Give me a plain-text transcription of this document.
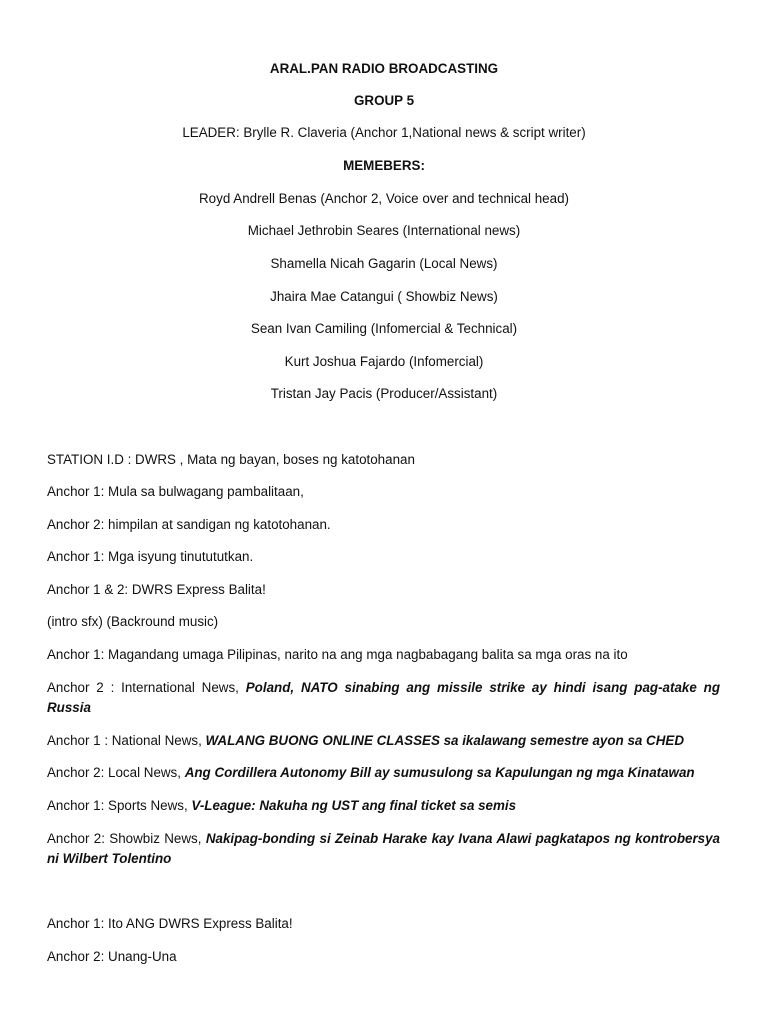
ARAL.PAN RADIO BROADCASTING
GROUP 5
LEADER: Brylle R. Claveria (Anchor 1,National news & script writer)
MEMEBERS:
Royd Andrell Benas (Anchor 2, Voice over and technical head)
Michael Jethrobin Seares (International news)
Shamella Nicah Gagarin (Local News)
Jhaira Mae Catangui ( Showbiz News)
Sean Ivan Camiling (Infomercial & Technical)
Kurt Joshua Fajardo (Infomercial)
Tristan Jay Pacis (Producer/Assistant)
STATION I.D : DWRS , Mata ng bayan, boses ng katotohanan
Anchor 1: Mula sa bulwagang pambalitaan,
Anchor 2: himpilan at sandigan ng katotohanan.
Anchor 1: Mga isyung tinutututkan.
Anchor 1 & 2: DWRS Express Balita!
(intro sfx) (Backround music)
Anchor 1: Magandang umaga Pilipinas, narito na ang mga nagbabagang balita sa mga oras na ito
Anchor 2 : International News, Poland, NATO sinabing ang missile strike ay hindi isang pag-atake ng Russia
Anchor 1 : National News, WALANG BUONG ONLINE CLASSES sa ikalawang semestre ayon sa CHED
Anchor 2: Local News, Ang Cordillera Autonomy Bill ay sumusulong sa Kapulungan ng mga Kinatawan
Anchor 1: Sports News, V-League: Nakuha ng UST ang final ticket sa semis
Anchor 2: Showbiz News, Nakipag-bonding si Zeinab Harake kay Ivana Alawi pagkatapos ng kontrobersya ni Wilbert Tolentino
Anchor 1: Ito ANG DWRS Express Balita!
Anchor 2: Unang-Una
